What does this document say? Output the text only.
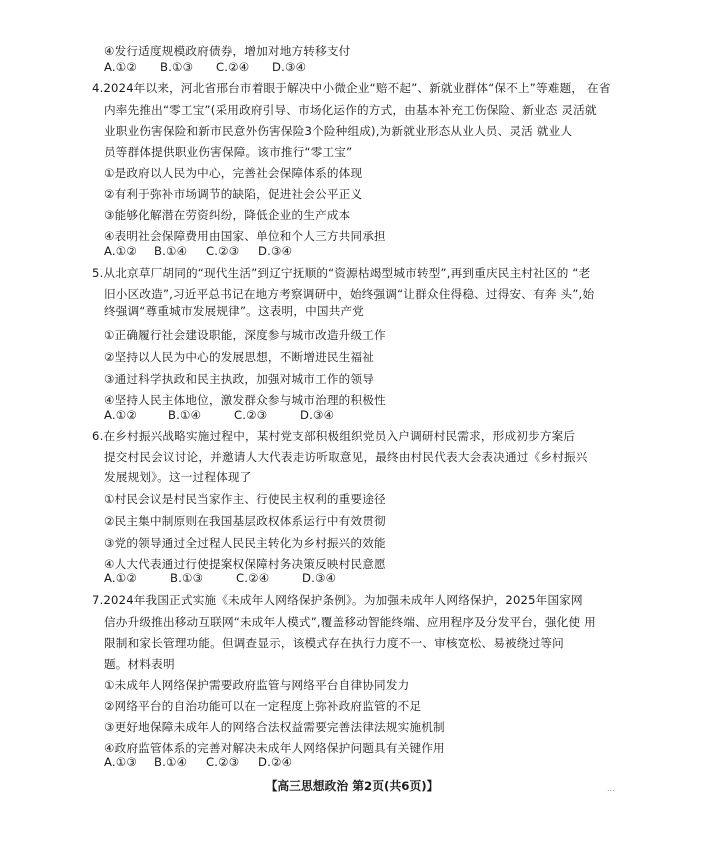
④发行适度规模政府债券，增加对地方转移支付
A.①② B.①③ C.②④ D.③④
4.2024年以来，河北省邢台市着眼于解决中小微企业“赔不起”、新就业群体“保不上”等难题， 在省
内率先推出“零工宝”(采用政府引导、市场化运作的方式，由基本补充工伤保险、新业态 灵活就
业职业伤害保险和新市民意外伤害保险3个险种组成),为新就业形态从业人员、灵活 就业人
员等群体提供职业伤害保障。该市推行“零工宝”
①是政府以人民为中心，完善社会保障体系的体现
②有利于弥补市场调节的缺陷，促进社会公平正义
③能够化解潜在劳资纠纷，降低企业的生产成本
④表明社会保障费用由国家、单位和个人三方共同承担
A.①② B.①④ C.②③ D.③④
5.从北京草厂胡同的“现代生活”到辽宁抚顺的“资源枯竭型城市转型”,再到重庆民主村社区的 “老
旧小区改造”,习近平总书记在地方考察调研中，始终强调“让群众住得稳、过得安、有奔 头”,始
终强调“尊重城市发展规律”。这表明，中国共产党
①正确履行社会建设职能，深度参与城市改造升级工作
②坚持以人民为中心的发展思想，不断增进民生福祉
③通过科学执政和民主执政，加强对城市工作的领导
④坚持人民主体地位，激发群众参与城市治理的积极性
A.①②	B.①④	C.②③	D.③④
6.在乡村振兴战略实施过程中，某村党支部积极组织党员入户调研村民需求，形成初步方案后
提交村民会议讨论，并邀请人大代表走访听取意见，最终由村民代表大会表决通过《乡村振兴
发展规划》。这一过程体现了
①村民会议是村民当家作主、行使民主权利的重要途径
②民主集中制原则在我国基层政权体系运行中有效贯彻
③党的领导通过全过程人民民主转化为乡村振兴的效能
④人大代表通过行使提案权保障村务决策反映村民意愿
A.①②	B.①③	C.②④	D.③④
7.2024年我国正式实施《未成年人网络保护条例》。为加强未成年人网络保护，2025年国家网
信办升级推出移动互联网“未成年人模式”,覆盖移动智能终端、应用程序及分发平台，强化使 用
限制和家长管理功能。但调查显示，该模式存在执行力度不一、审核宽松、易被绕过等问
题。材料表明
①未成年人网络保护需要政府监管与网络平台自律协同发力
②网络平台的自治功能可以在一定程度上弥补政府监管的不足
③更好地保障未成年人的网络合法权益需要完善法律法规实施机制
④政府监管体系的完善对解决未成年人网络保护问题具有关键作用
A.①③ B.①④ C.②③ D.②④
【高三思想政治 第2页(共6页)】	...
